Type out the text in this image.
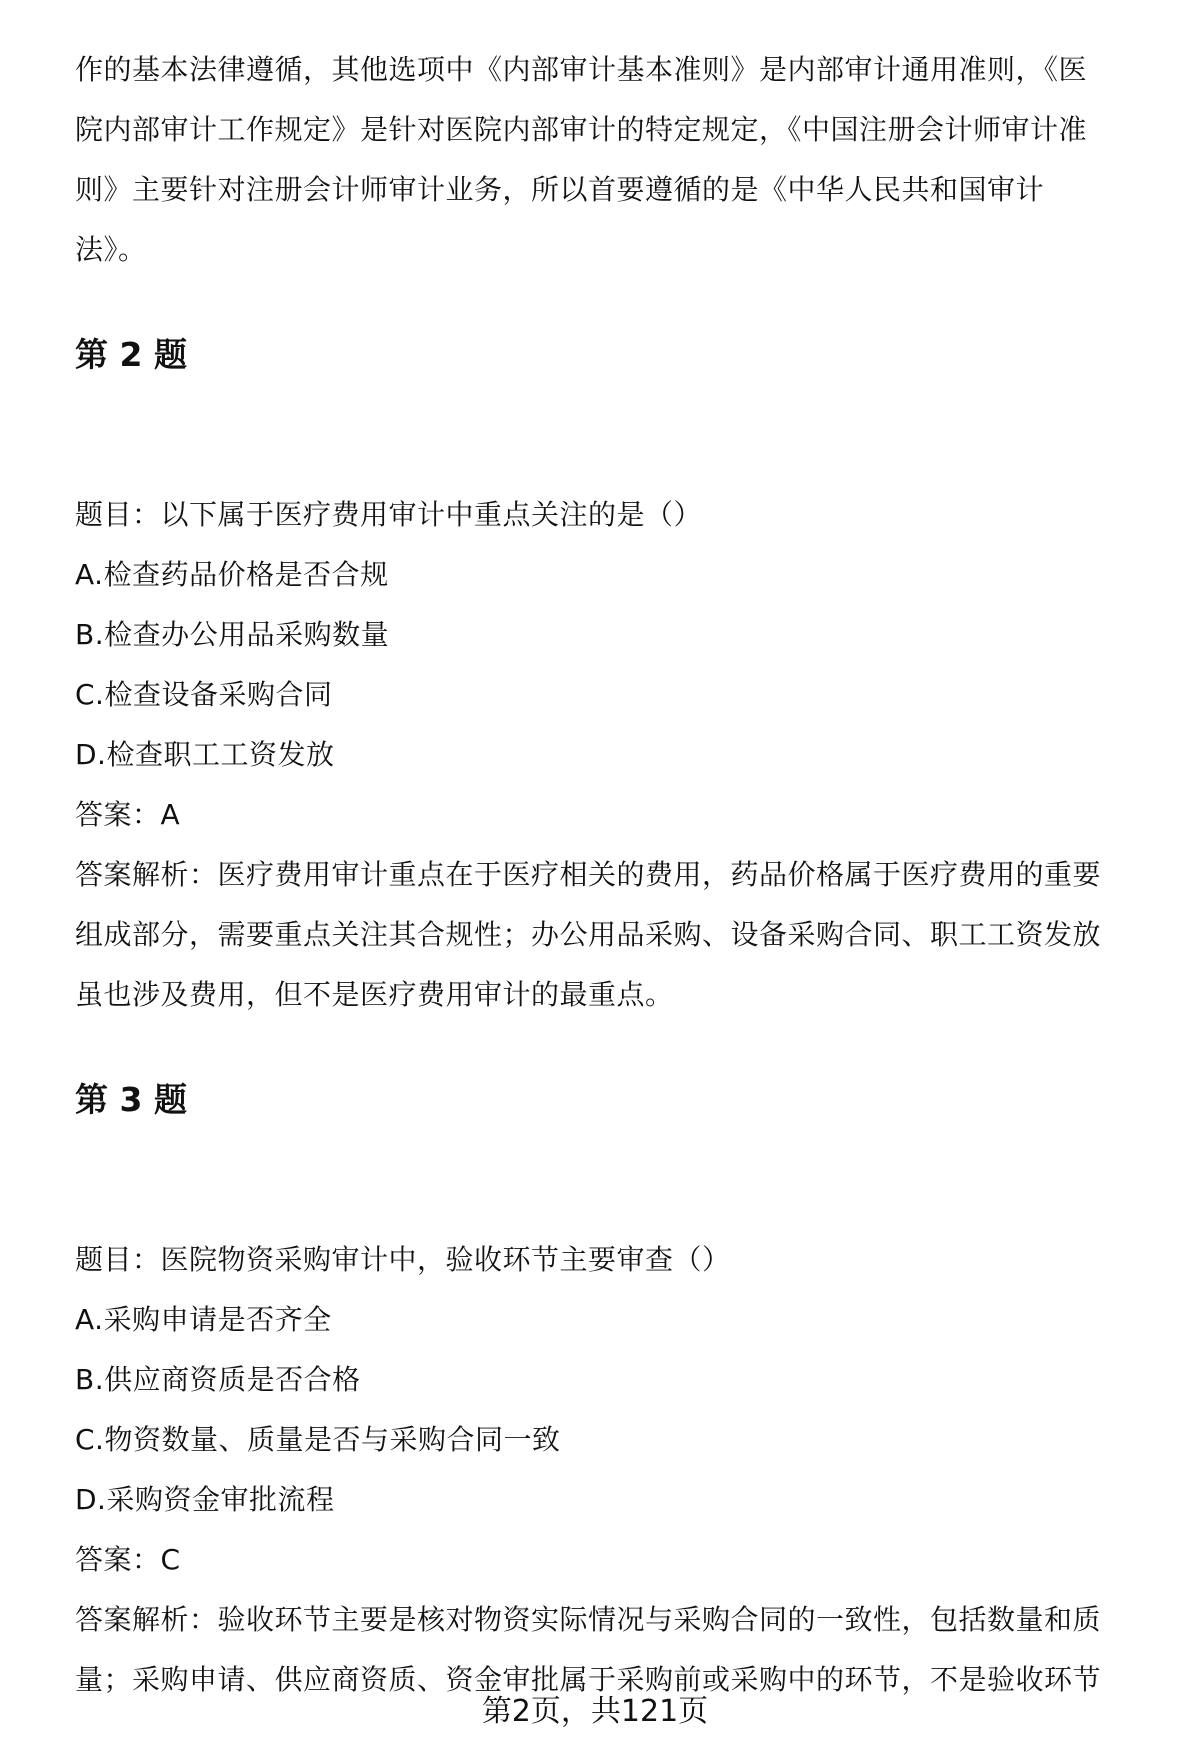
作的基本法律遵循，其他选项中《内部审计基本准则》是内部审计通用准则，《医

院内部审计工作规定》是针对医院内部审计的特定规定，《中国注册会计师审计准

则》主要针对注册会计师审计业务，所以首要遵循的是《中华人民共和国审计

法》。

第 2 题

题目：以下属于医疗费用审计中重点关注的是（）

A.检查药品价格是否合规

B.检查办公用品采购数量

C.检查设备采购合同

D.检查职工工资发放

答案：A

答案解析：医疗费用审计重点在于医疗相关的费用，药品价格属于医疗费用的重要

组成部分，需要重点关注其合规性；办公用品采购、设备采购合同、职工工资发放

虽也涉及费用，但不是医疗费用审计的最重点。

第 3 题

题目：医院物资采购审计中，验收环节主要审查（）

A.采购申请是否齐全

B.供应商资质是否合格

C.物资数量、质量是否与采购合同一致

D.采购资金审批流程

答案：C

答案解析：验收环节主要是核对物资实际情况与采购合同的一致性，包括数量和质

量；采购申请、供应商资质、资金审批属于采购前或采购中的环节，不是验收环节

第2页，共121页
